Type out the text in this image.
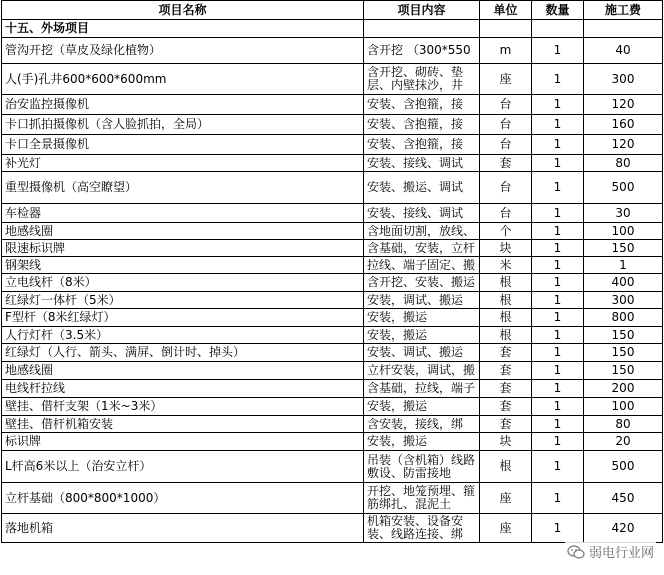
项目名称	项目内容	单位	数量	施工费
十五、外场项目				
管沟开挖（草皮及绿化植物）	含开挖 （300*550	m	1	40
人(手)孔井600*600*600mm	含开挖、砌砖、垫层、内壁抹沙，井	座	1	300
治安监控摄像机	安装、含抱箍，接	台	1	120
卡口抓拍摄像机（含人脸抓拍，全局）	安装、含抱箍，接	台	1	160
卡口全景摄像机	安装、含抱箍，接	台	1	120
补光灯	安装、接线、调试	套	1	80
重型摄像机（高空瞭望）	安装、搬运、调试	台	1	500
车检器	安装、接线、调试	台	1	30
地感线圈	含地面切割，放线、	个	1	100
限速标识牌	含基础，安装，立杆	块	1	150
钢架线	拉线、端子固定、搬	米	1	1
立电线杆（8米）	含开挖、安装、搬运	根	1	400
红绿灯一体杆（5米）	安装，调试、搬运	根	1	300
F型杆（8米红绿灯）	安装，搬运	根	1	800
人行灯杆（3.5米）	安装，搬运	根	1	150
红绿灯（人行、箭头、满屏、倒计时、掉头）	安装、调试、搬运	套	1	150
地感线圈	立杆安装，调试，搬	套	1	150
电线杆拉线	含基础，拉线，端子	套	1	200
壁挂、借杆支架（1米~3米）	安装，搬运	套	1	100
壁挂、借杆机箱安装	含安装，接线，绑	套	1	80
标识牌	安装，搬运	块	1	20
L杆高6米以上（治安立杆）	吊装（含机箱）线路敷设、防雷接地	根	1	500
立杆基础（800*800*1000）	开挖、地笼预埋、箍筋绑扎、混泥土	座	1	450
落地机箱	机箱安装、设备安装、线路连接、绑	座	1	420
弱电行业网
